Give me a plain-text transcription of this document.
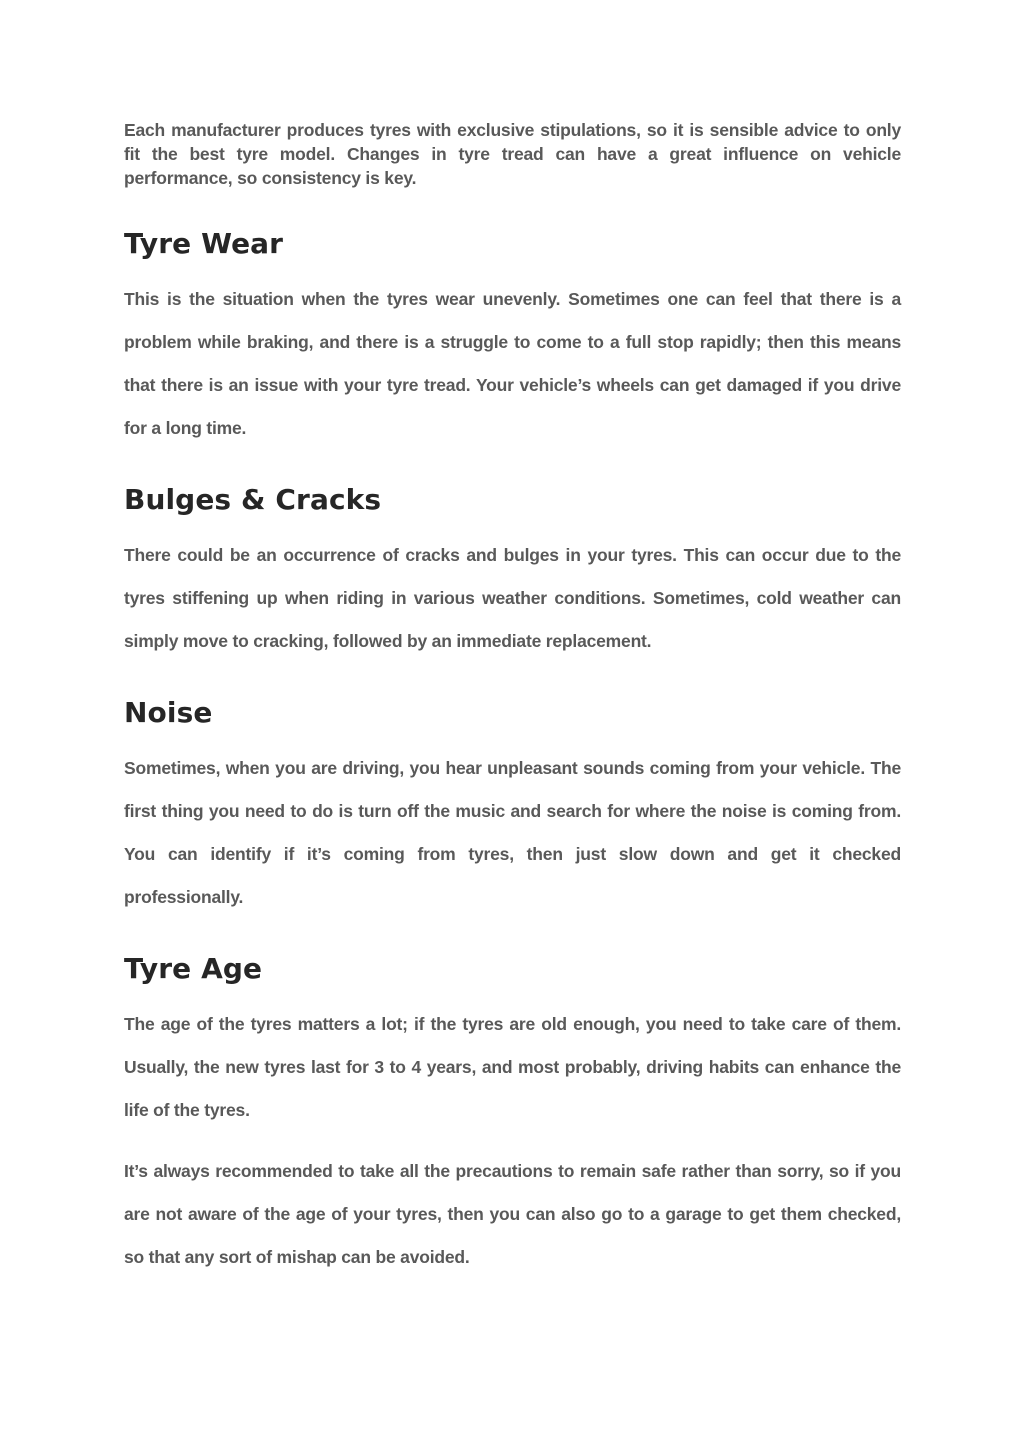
Each manufacturer produces tyres with exclusive stipulations, so it is sensible advice to only fit the best tyre model. Changes in tyre tread can have a great influence on vehicle performance, so consistency is key.

Tyre Wear

This is the situation when the tyres wear unevenly. Sometimes one can feel that there is a problem while braking, and there is a struggle to come to a full stop rapidly; then this means that there is an issue with your tyre tread. Your vehicle’s wheels can get damaged if you drive for a long time.

Bulges & Cracks

There could be an occurrence of cracks and bulges in your tyres. This can occur due to the tyres stiffening up when riding in various weather conditions. Sometimes, cold weather can simply move to cracking, followed by an immediate replacement.

Noise

Sometimes, when you are driving, you hear unpleasant sounds coming from your vehicle. The first thing you need to do is turn off the music and search for where the noise is coming from. You can identify if it’s coming from tyres, then just slow down and get it checked professionally.

Tyre Age

The age of the tyres matters a lot; if the tyres are old enough, you need to take care of them. Usually, the new tyres last for 3 to 4 years, and most probably, driving habits can enhance the life of the tyres.

It’s always recommended to take all the precautions to remain safe rather than sorry, so if you are not aware of the age of your tyres, then you can also go to a garage to get them checked, so that any sort of mishap can be avoided.
